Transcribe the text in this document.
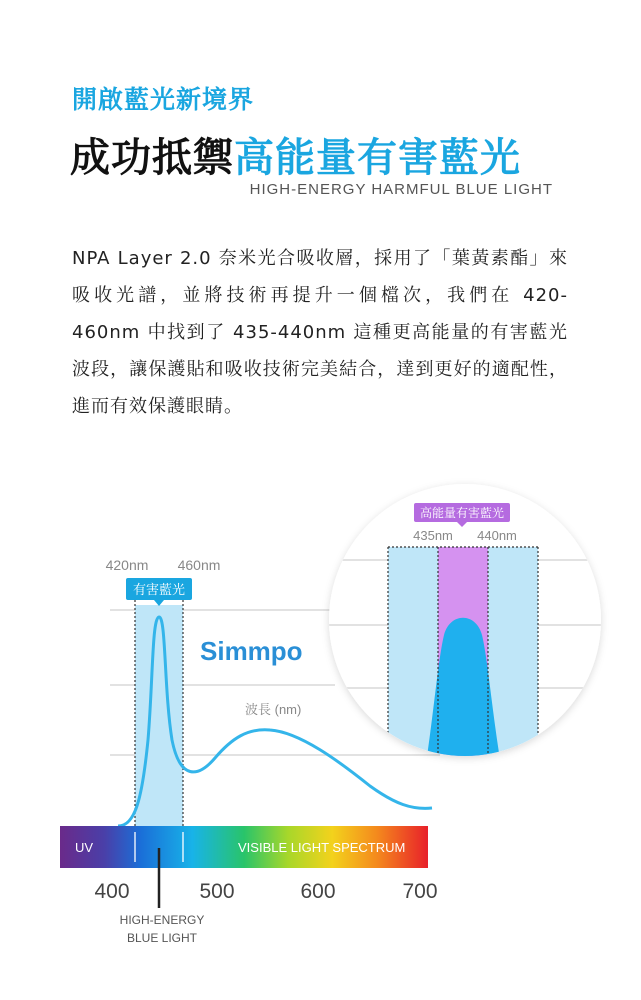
開啟藍光新境界
成功抵禦高能量有害藍光
HIGH-ENERGY HARMFUL BLUE LIGHT

NPA Layer 2.0 奈米光合吸收層，採用了「葉黃素酯」來吸收光譜，並將技術再提升一個檔次，我們在 420-460nm 中找到了 435-440nm 這種更高能量的有害藍光波段，讓保護貼和吸收技術完美結合，達到更好的適配性，進而有效保護眼睛。

420nm 460nm
有害藍光
Simmpo
波長 (nm)
UV	VISIBLE LIGHT SPECTRUM
400	500	600	700
HIGH-ENERGY
BLUE LIGHT
高能量有害藍光
435nm 440nm
